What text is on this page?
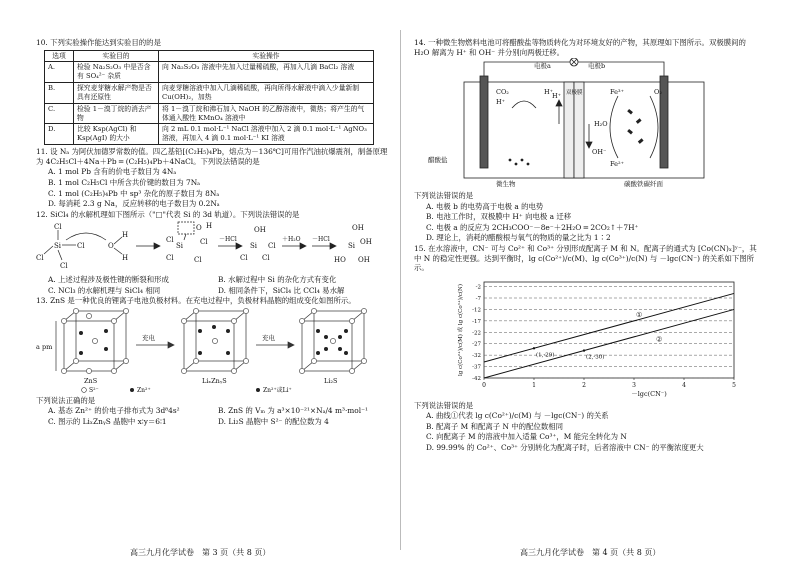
10. 下列实验操作能达到实验目的的是
选项	实验目的	实验操作
A.	检验 Na₂S₂O₃ 中是否含有 SO₄²⁻ 杂质	向 Na₂S₂O₃ 溶液中先加入过量稀硫酸，再加入几滴 BaCl₂ 溶液
B.	探究麦芽糖水解产物是否具有还原性	向麦芽糖溶液中加入几滴稀硫酸，再向所得水解液中滴入少量新制 Cu(OH)₂，加热
C.	检验 1－溴丁烷的消去产物	将 1－溴丁烷和沸石加入 NaOH 的乙醇溶液中，微热；将产生的气体通入酸性 KMnO₄ 溶液中
D.	比较 Ksp(AgCl) 和 Ksp(AgI) 的大小	向 2 mL 0.1 mol·L⁻¹ NaCl 溶液中加入 2 滴 0.1 mol·L⁻¹ AgNO₃ 溶液，再加入 4 滴 0.1 mol·L⁻¹ KI 溶液
11. 设 Nₐ 为阿伏加德罗常数的值。四乙基铅[(C₂H₅)₄Pb，熔点为－136℃]可用作汽油抗爆震剂，制备原理为 4C₂H₅Cl＋4Na＋Pb ═ (C₂H₅)₄Pb＋4NaCl。下列说法错误的是
A. 1 mol Pb 含有的价电子数目为 4Nₐ
B. 1 mol C₂H₅Cl 中所含共价键的数目为 7Nₐ
C. 1 mol (C₂H₅)₄Pb 中 sp³ 杂化的原子数目为 8Nₐ
D. 每消耗 2.3 g Na，反应转移的电子数目为 0.2Nₐ
12. SiCl₄ 的水解机理如下图所示（"□"代表 Si 的 3d 轨道）。下列说法错误的是
Si Cl
Cl
Cl
Cl
O
H
H
Si
Cl
Cl	Cl
Cl
O H
－HCl
Si
OH
Cl Cl
Cl
＋H₂O －HCl
Si
OH
HO OH
OH
A. 上述过程涉及极性键的断裂和形成	B. 水解过程中 Si 的杂化方式有变化
C. NCl₃ 的水解机理与 SiCl₄ 相同	D. 相同条件下，SiCl₄ 比 CCl₄ 易水解
13. ZnS 是一种优良的锂离子电池负极材料。在充电过程中，负极材料晶胞的组成变化如图所示。
a pm
充电	充电
ZnS	LiₓZnᵧS	Li₂S
S²⁻	Zn²⁺	Zn²⁺或Li⁺
下列说法正确的是
A. 基态 Zn²⁺ 的价电子排布式为 3d⁸4s²	B. ZnS 的 Vₘ 为 a³×10⁻²¹×Nₐ/4 m³·mol⁻¹
C. 图示的 LiₓZnᵧS 晶胞中 x∶y＝6∶1	D. Li₂S 晶胞中 S²⁻ 的配位数为 4
高三九月化学试卷　第 3 页（共 8 页）
14. 一种微生物燃料电池可将醋酸盐等物质转化为对环境友好的产物，其原理如下图所示。双极膜间的 H₂O 解离为 H⁺ 和 OH⁻ 并分别向两极迁移。
电极a	电极b
CO₂
H⁺
H⁺ 双极膜
H₂O
H⁺
OH⁻
Fe³⁺	O₂
Fe²⁺
醋酸盐
微生物	碳酸铁碳纤面
下列说法错误的是
A. 电极 b 的电势高于电极 a 的电势
B. 电池工作时，双极膜中 H⁺ 向电极 a 迁移
C. 电极 a 的反应为 2CH₃COO⁻－8e⁻＋2H₂O ═ 2CO₂↑＋7H⁺
D. 理论上，消耗的醋酸根与氧气的物质的量之比为 1∶2
15. 在水溶液中，CN⁻ 可与 Co²⁺ 和 Co³⁺ 分别形成配离子 M 和 N。配离子的通式为 [Co(CN)ₓ]ʸ⁻，其中 N 的稳定性更强。达到平衡时，lg c(Co²⁺)/c(M)、lg c(Co³⁺)/c(N) 与 －lgc(CN⁻) 的关系如下图所示。
-2
-7
-12
-17
-22
-27
-32
-37
-42
0	1	2	3	4	5
①
②
(1,-29)	(2,-30)
－lgc(CN⁻)
lg c(Co²⁺)/c(M) 或 lg c(Co³⁺)/c(N)
下列说法错误的是
A. 曲线①代表 lg c(Co²⁺)/c(M) 与 －lgc(CN⁻) 的关系
B. 配离子 M 和配离子 N 中的配位数相同
C. 向配离子 M 的溶液中加入适量 Co³⁺，M 能完全转化为 N
D. 99.99% 的 Co²⁺、Co³⁺ 分别转化为配离子时，后者溶液中 CN⁻ 的平衡浓度更大
高三九月化学试卷　第 4 页（共 8 页）
